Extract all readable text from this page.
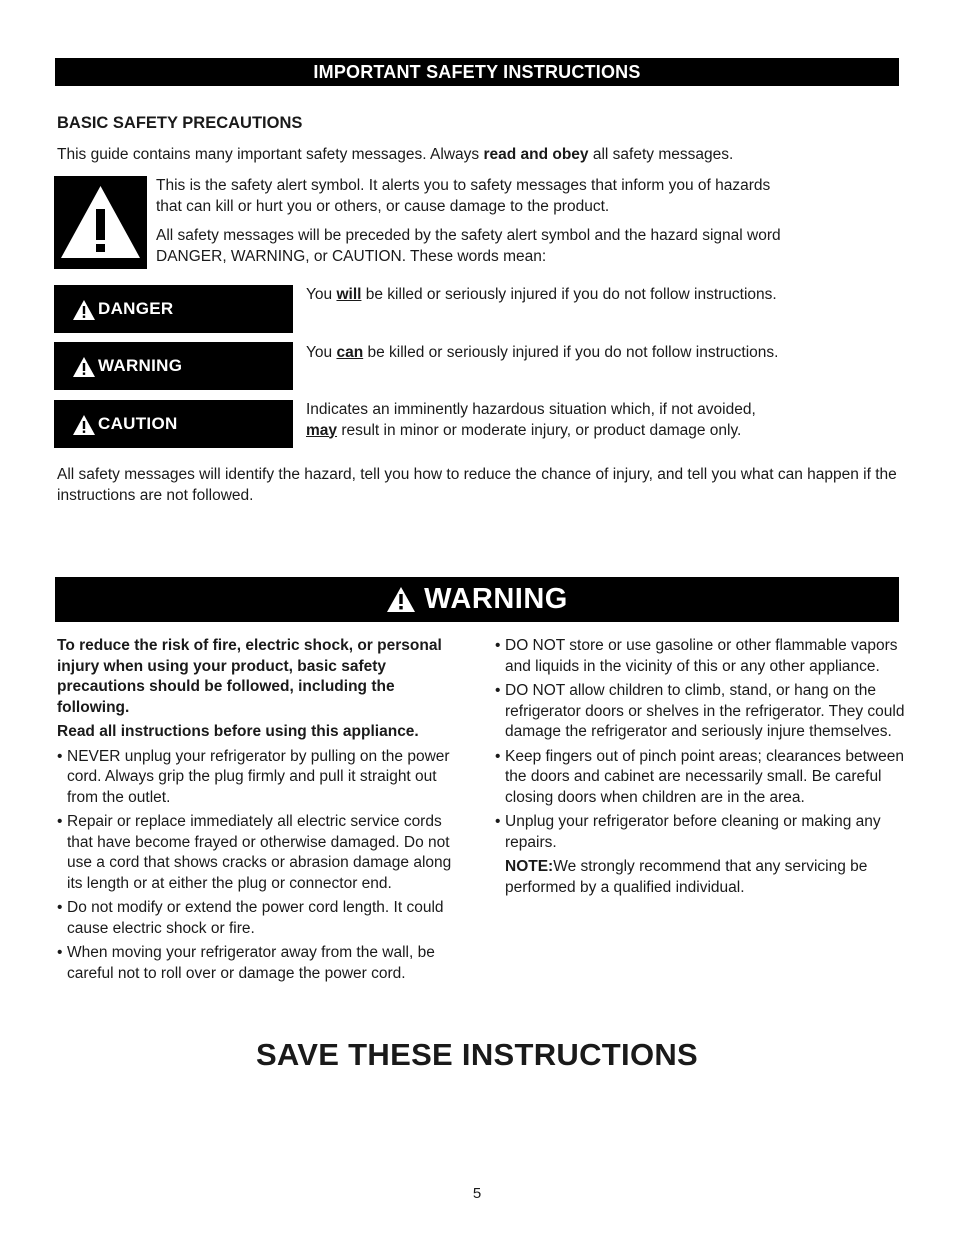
IMPORTANT SAFETY INSTRUCTIONS
BASIC SAFETY PRECAUTIONS
This guide contains many important safety messages. Always read and obey all safety messages.
This is the safety alert symbol. It alerts you to safety messages that inform you of hazards that can kill or hurt you or others, or cause damage to the product.
All safety messages will be preceded by the safety alert symbol and the hazard signal word DANGER, WARNING, or CAUTION. These words mean:
DANGER
You will be killed or seriously injured if you do not follow instructions.
WARNING
You can be killed or seriously injured if you do not follow instructions.
CAUTION
Indicates an imminently hazardous situation which, if not avoided,
may result in minor or moderate injury, or product damage only.
All safety messages will identify the hazard, tell you how to reduce the chance of injury, and tell you what can happen if the instructions are not followed.
WARNING
To reduce the risk of fire, electric shock, or personal injury when using your product, basic safety precautions should be followed, including the following.
Read all instructions before using this appliance.
• NEVER unplug your refrigerator by pulling on the power cord. Always grip the plug firmly and pull it straight out from the outlet.
• Repair or replace immediately all electric service cords that have become frayed or otherwise damaged. Do not use a cord that shows cracks or abrasion damage along its length or at either the plug or connector end.
• Do not modify or extend the power cord length. It could cause electric shock or fire.
• When moving your refrigerator away from the wall, be careful not to roll over or damage the power cord.
• DO NOT store or use gasoline or other flammable vapors and liquids in the vicinity of this or any other appliance.
• DO NOT allow children to climb, stand, or hang on the refrigerator doors or shelves in the refrigerator. They could damage the refrigerator and seriously injure themselves.
• Keep fingers out of pinch point areas; clearances between the doors and cabinet are necessarily small. Be careful closing doors when children are in the area.
• Unplug your refrigerator before cleaning or making any repairs.
NOTE:We strongly recommend that any servicing be performed by a qualified individual.
SAVE THESE INSTRUCTIONS
5
